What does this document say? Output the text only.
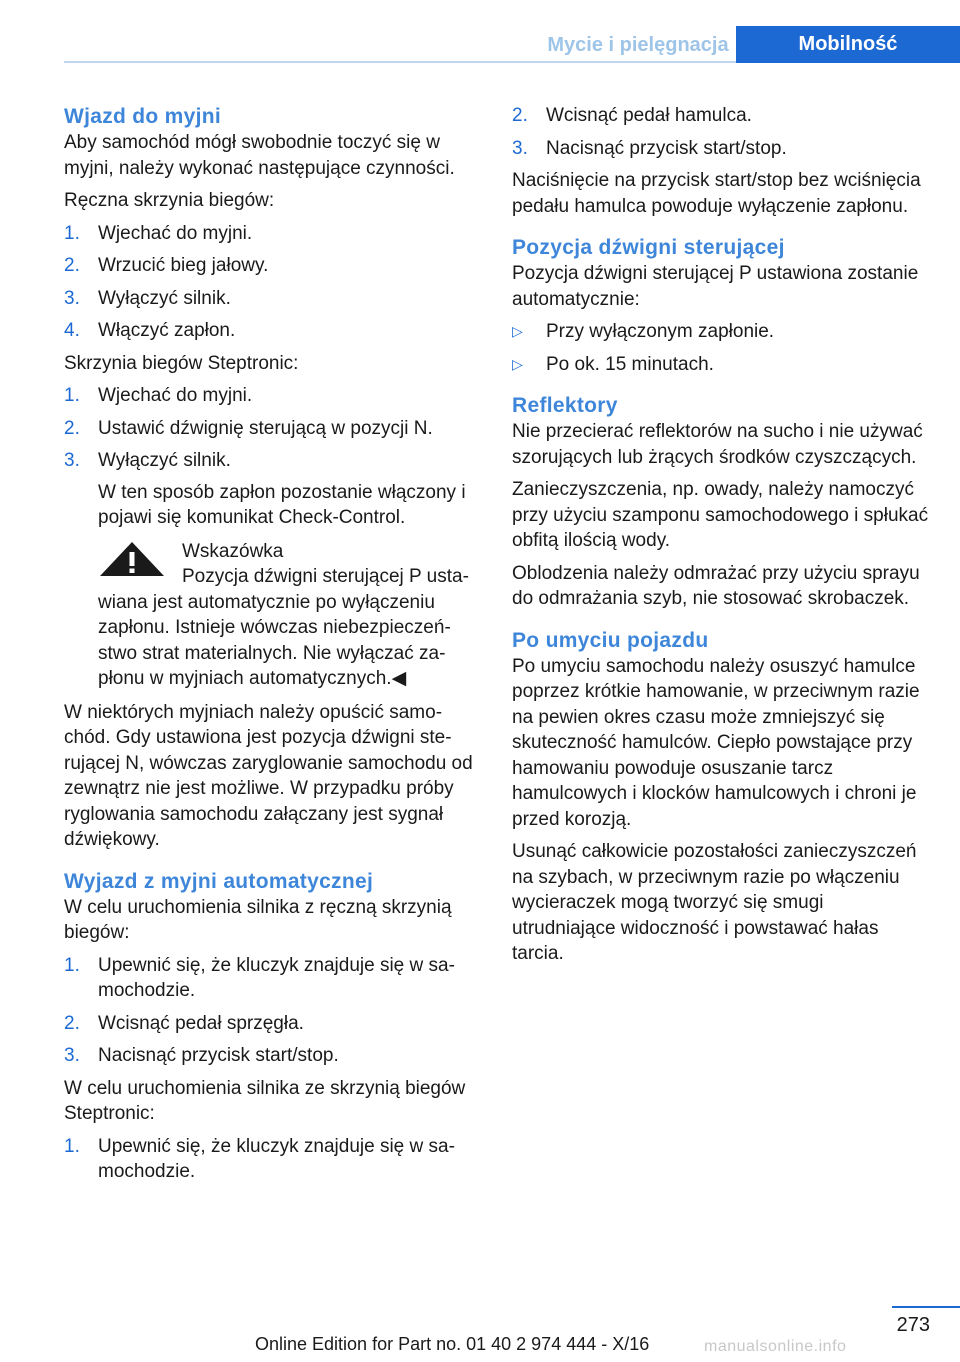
Mycie i pielęgnacja	Mobilność
Wjazd do myjni

Aby samochód mógł swobodnie toczyć się w myjni, należy wykonać następujące czynności.

Ręczna skrzynia biegów:

1. Wjechać do myjni.
2. Wrzucić bieg jałowy.
3. Wyłączyć silnik.
4. Włączyć zapłon.

Skrzynia biegów Steptronic:

1. Wjechać do myjni.
2. Ustawić dźwignię sterującą w pozycji N.
3. Wyłączyć silnik.
W ten sposób zapłon pozostanie włączony i pojawi się komunikat Check-Control.
Wskazówka
Pozycja dźwigni sterującej P ustawiana jest automatycznie po wyłączeniu zapłonu. Istnieje wówczas niebezpieczeństwo strat materialnych. Nie wyłączać zapłonu w myjniach automatycznych.◀

W niektórych myjniach należy opuścić samochód. Gdy ustawiona jest pozycja dźwigni sterującej N, wówczas zaryglowanie samochodu od zewnątrz nie jest możliwe. W przypadku próby ryglowania samochodu załączany jest sygnał dźwiękowy.

Wyjazd z myjni automatycznej

W celu uruchomienia silnika z ręczną skrzynią biegów:

1. Upewnić się, że kluczyk znajduje się w samochodzie.
2. Wcisnąć pedał sprzęgła.
3. Nacisnąć przycisk start/stop.

W celu uruchomienia silnika ze skrzynią biegów Steptronic:

1. Upewnić się, że kluczyk znajduje się w samochodzie.
2. Wcisnąć pedał hamulca.
3. Nacisnąć przycisk start/stop.

Naciśnięcie na przycisk start/stop bez wciśnięcia pedału hamulca powoduje wyłączenie zapłonu.

Pozycja dźwigni sterującej

Pozycja dźwigni sterującej P ustawiona zostanie automatycznie:

▷ Przy wyłączonym zapłonie.
▷ Po ok. 15 minutach.
Reflektory

Nie przecierać reflektorów na sucho i nie używać szorujących lub żrących środków czyszczących.

Zanieczyszczenia, np. owady, należy namoczyć przy użyciu szamponu samochodowego i spłukać obfitą ilością wody.

Oblodzenia należy odmrażać przy użyciu sprayu do odmrażania szyb, nie stosować skrobaczek.

Po umyciu pojazdu

Po umyciu samochodu należy osuszyć hamulce poprzez krótkie hamowanie, w przeciwnym razie na pewien okres czasu może zmniejszyć się skuteczność hamulców. Ciepło powstające przy hamowaniu powoduje osuszanie tarcz hamulcowych i klocków hamulcowych i chroni je przed korozją.

Usunąć całkowicie pozostałości zanieczyszczeń na szybach, w przeciwnym razie po włączeniu wycieraczek mogą tworzyć się smugi utrudniające widoczność i powstawać hałas tarcia.

273
Online Edition for Part no. 01 40 2 974 444 - X/16	manualsonline.info
